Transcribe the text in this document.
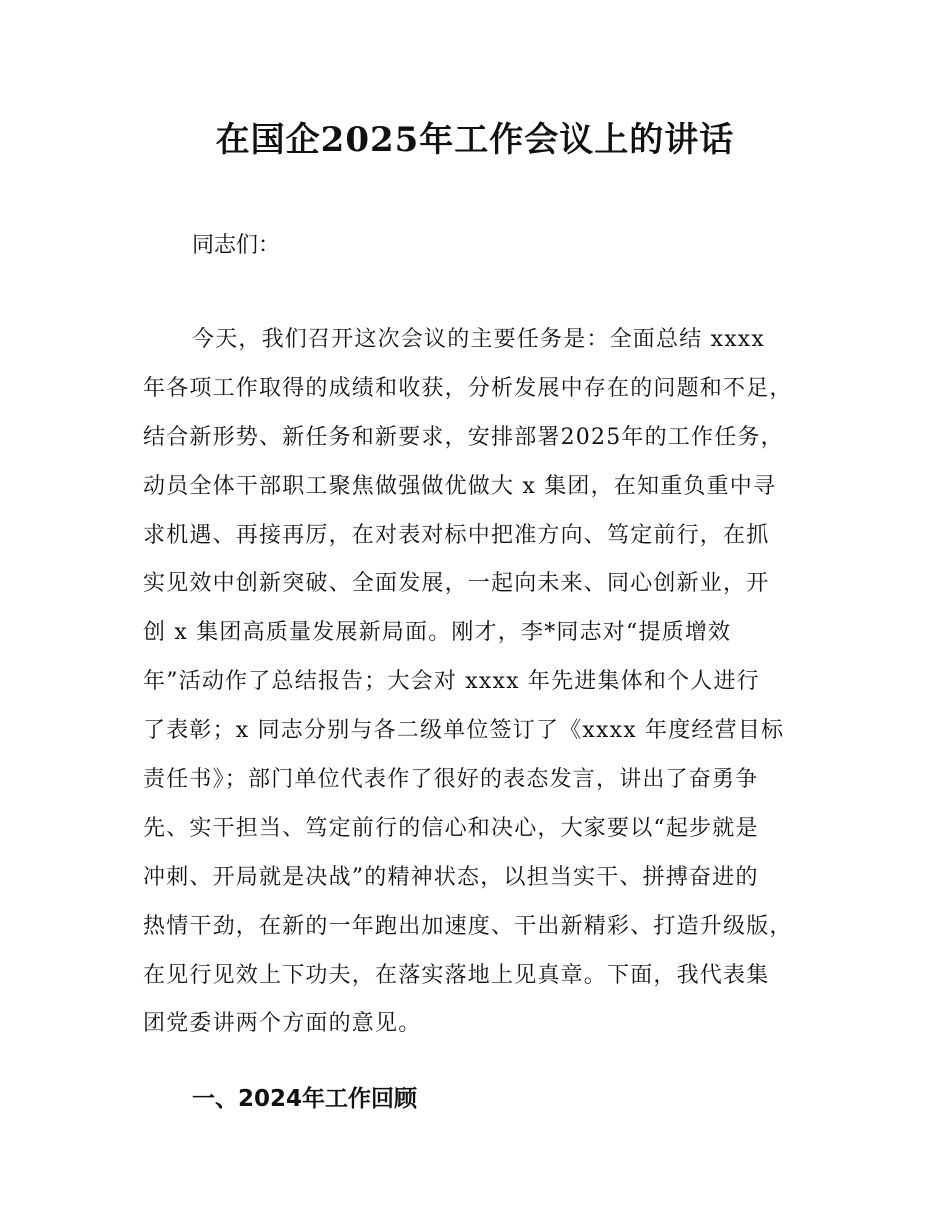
在国企2025年工作会议上的讲话

同志们：

今天，我们召开这次会议的主要任务是：全面总结 xxxx
年各项工作取得的成绩和收获，分析发展中存在的问题和不足，
结合新形势、新任务和新要求，安排部署2025年的工作任务，
动员全体干部职工聚焦做强做优做大 x 集团，在知重负重中寻
求机遇、再接再厉，在对表对标中把准方向、笃定前行，在抓
实见效中创新突破、全面发展，一起向未来、同心创新业，开
创 x 集团高质量发展新局面。刚才，李*同志对“提质增效
年”活动作了总结报告；大会对 xxxx 年先进集体和个人进行
了表彰；x 同志分别与各二级单位签订了《xxxx 年度经营目标
责任书》；部门单位代表作了很好的表态发言，讲出了奋勇争
先、实干担当、笃定前行的信心和决心，大家要以“起步就是
冲刺、开局就是决战”的精神状态，以担当实干、拼搏奋进的
热情干劲，在新的一年跑出加速度、干出新精彩、打造升级版，
在见行见效上下功夫，在落实落地上见真章。下面，我代表集
团党委讲两个方面的意见。
一、2024年工作回顾
